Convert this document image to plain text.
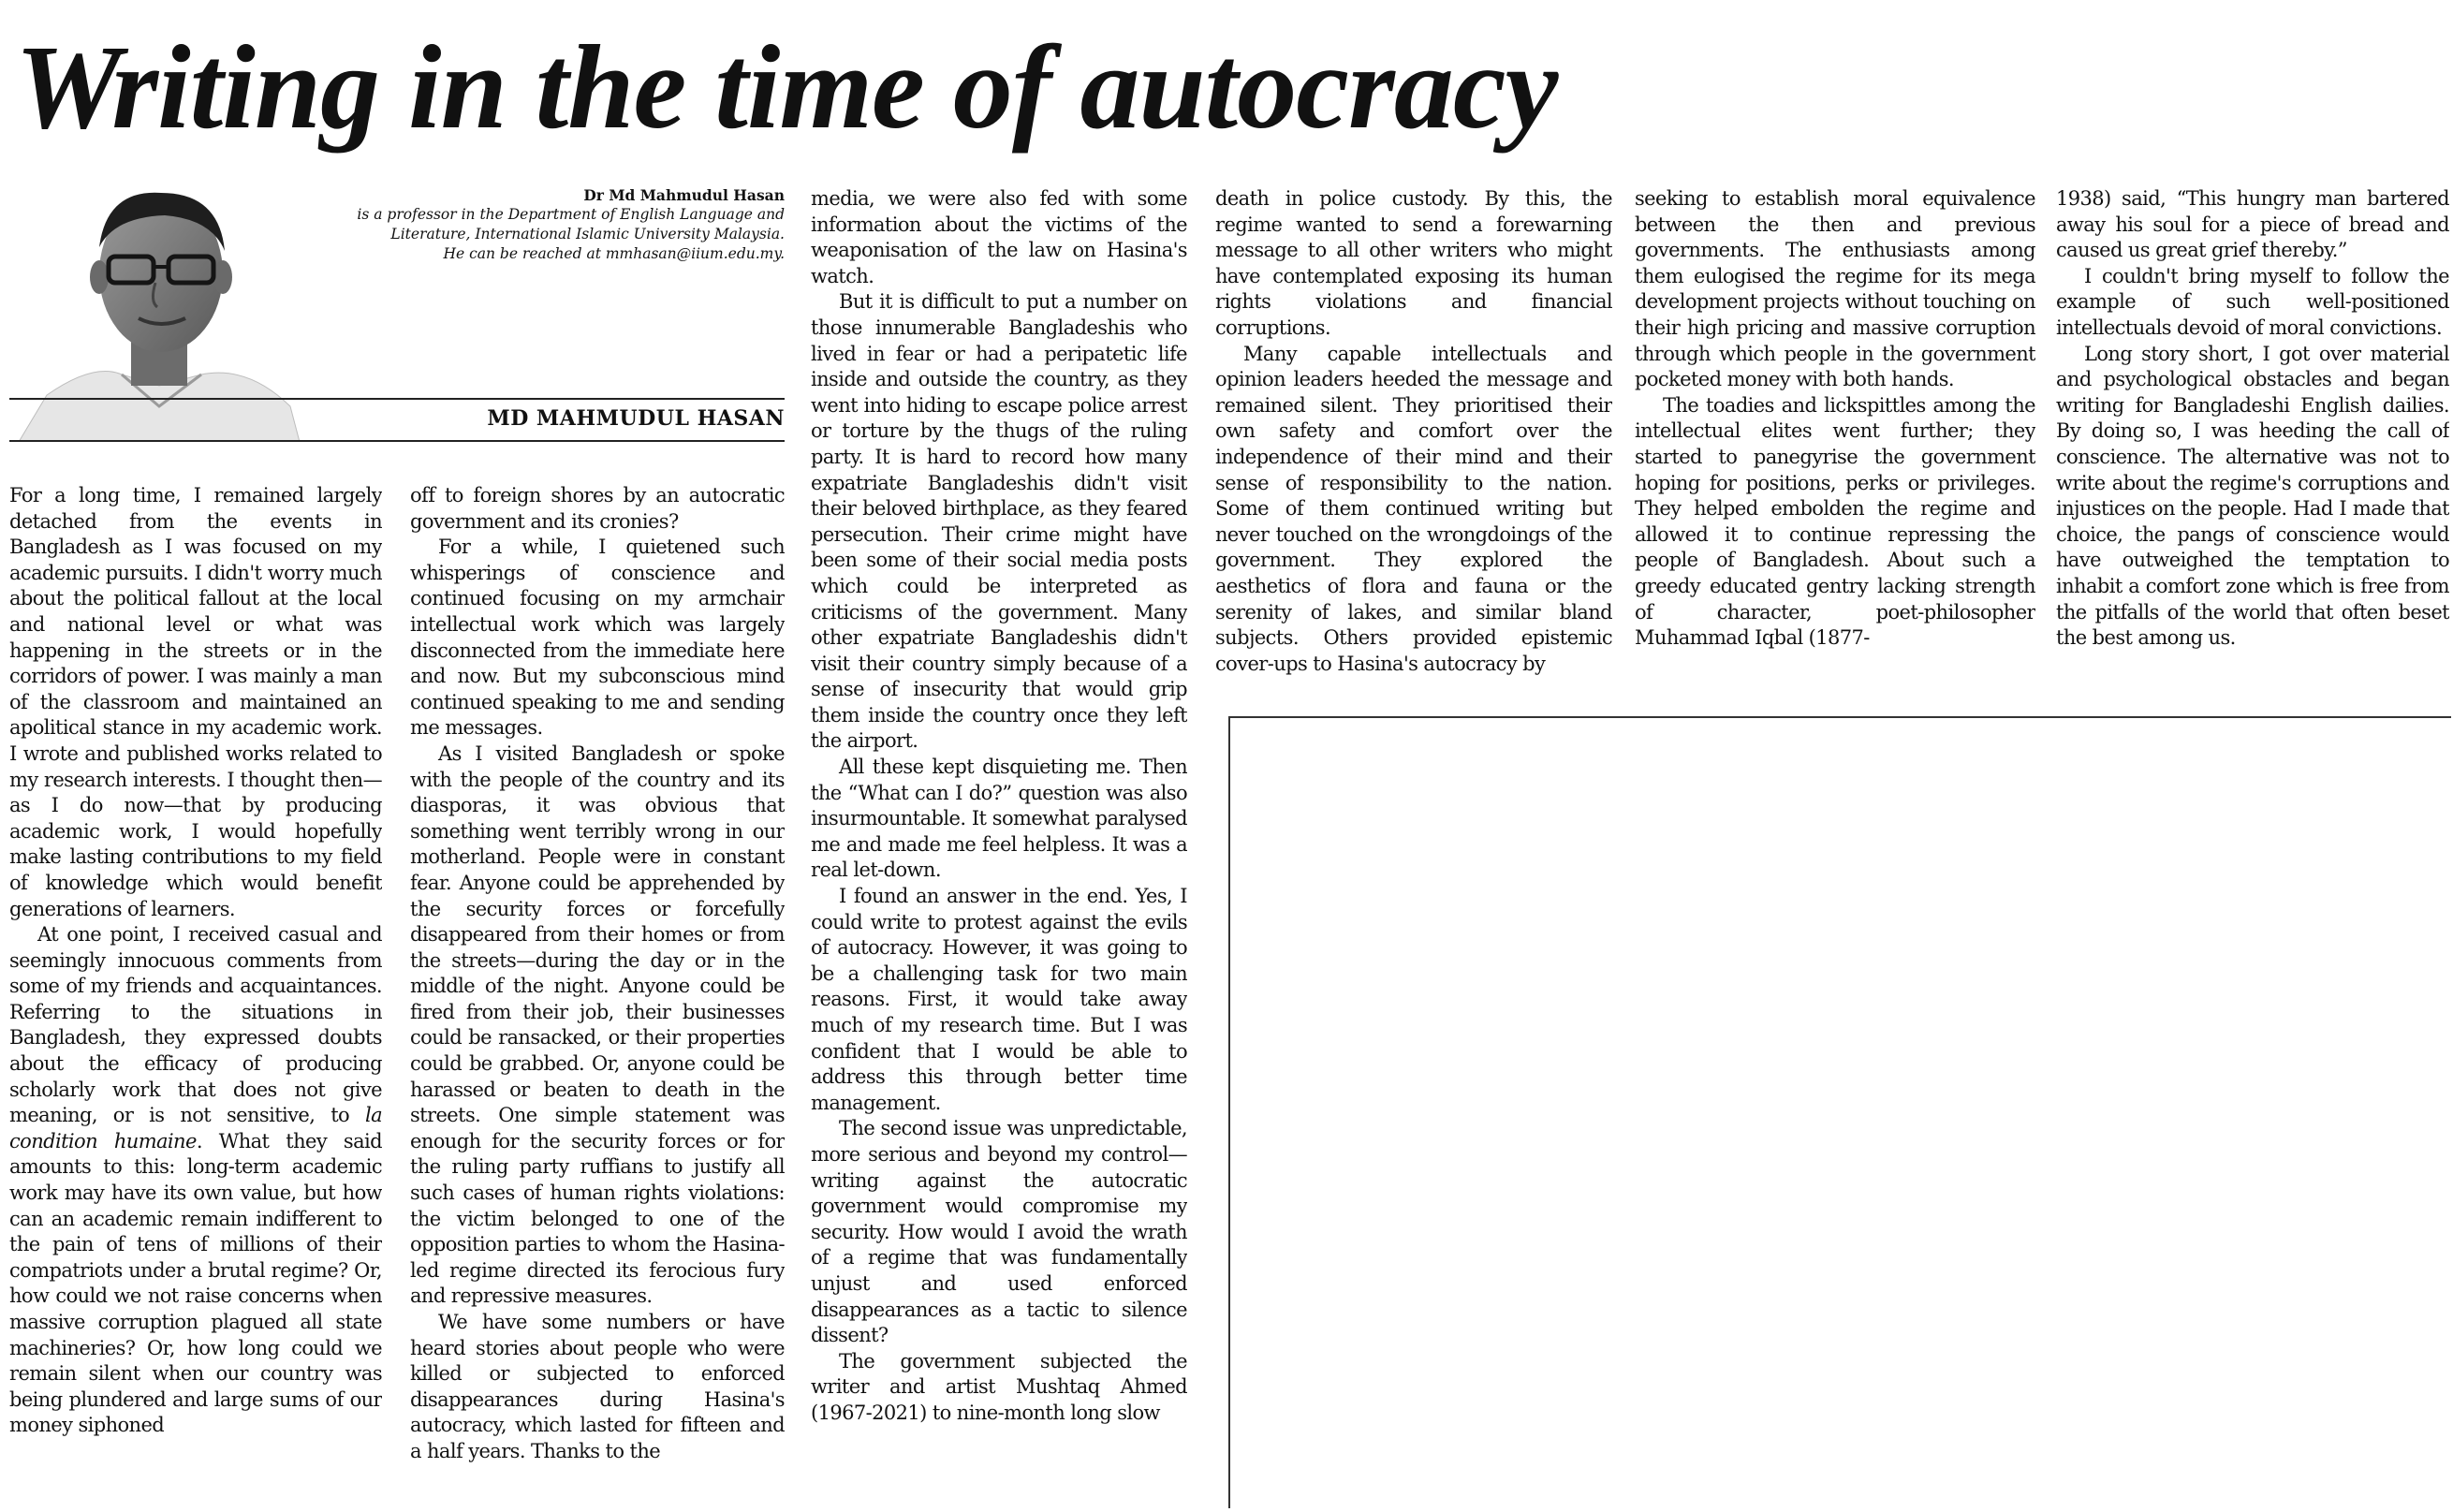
Writing in the time of autocracy
Dr Md Mahmudul Hasan
is a professor in the Department of English Language and
Literature, International Islamic University Malaysia.
He can be reached at mmhasan@iium.edu.my.
MD MAHMUDUL HASAN

For a long time, I remained largely detached from the events in Bangladesh as I was focused on my academic pursuits. I didn't worry much about the political fallout at the local and national level or what was happening in the streets or in the corridors of power. I was mainly a man of the classroom and maintained an apolitical stance in my academic work. I wrote and published works related to my research interests. I thought then—as I do now—that by producing academic work, I would hopefully make lasting contributions to my field of knowledge which would benefit generations of learners.

At one point, I received casual and seemingly innocuous comments from some of my friends and acquaintances. Referring to the situations in Bangladesh, they expressed doubts about the efficacy of producing scholarly work that does not give meaning, or is not sensitive, to la condition humaine. What they said amounts to this: long-term academic work may have its own value, but how can an academic remain indifferent to the pain of tens of millions of their compatriots under a brutal regime? Or, how could we not raise concerns when massive corruption plagued all state machineries? Or, how long could we remain silent when our country was being plundered and large sums of our money siphoned

off to foreign shores by an autocratic government and its cronies?

For a while, I quietened such whisperings of conscience and continued focusing on my armchair intellectual work which was largely disconnected from the immediate here and now. But my subconscious mind continued speaking to me and sending me messages.

As I visited Bangladesh or spoke with the people of the country and its diasporas, it was obvious that something went terribly wrong in our motherland. People were in constant fear. Anyone could be apprehended by the security forces or forcefully disappeared from their homes or from the streets—during the day or in the middle of the night. Anyone could be fired from their job, their businesses could be ransacked, or their properties could be grabbed. Or, anyone could be harassed or beaten to death in the streets. One simple statement was enough for the security forces or for the ruling party ruffians to justify all such cases of human rights violations: the victim belonged to one of the opposition parties to whom the Hasina-led regime directed its ferocious fury and repressive measures.

We have some numbers or have heard stories about people who were killed or subjected to enforced disappearances during Hasina's autocracy, which lasted for fifteen and a half years. Thanks to the

media, we were also fed with some information about the victims of the weaponisation of the law on Hasina's watch.

But it is difficult to put a number on those innumerable Bangladeshis who lived in fear or had a peripatetic life inside and outside the country, as they went into hiding to escape police arrest or torture by the thugs of the ruling party. It is hard to record how many expatriate Bangladeshis didn't visit their beloved birthplace, as they feared persecution. Their crime might have been some of their social media posts which could be interpreted as criticisms of the government. Many other expatriate Bangladeshis didn't visit their country simply because of a sense of insecurity that would grip them inside the country once they left the airport.

All these kept disquieting me. Then the “What can I do?” question was also insurmountable. It somewhat paralysed me and made me feel helpless. It was a real let-down.

I found an answer in the end. Yes, I could write to protest against the evils of autocracy. However, it was going to be a challenging task for two main reasons. First, it would take away much of my research time. But I was confident that I would be able to address this through better time management.

The second issue was unpredictable, more serious and beyond my control—writing against the autocratic government would compromise my security. How would I avoid the wrath of a regime that was fundamentally unjust and used enforced disappearances as a tactic to silence dissent?

The government subjected the writer and artist Mushtaq Ahmed (1967-2021) to nine-month long slow

death in police custody. By this, the regime wanted to send a forewarning message to all other writers who might have contemplated exposing its human rights violations and financial corruptions.

Many capable intellectuals and opinion leaders heeded the message and remained silent. They prioritised their own safety and comfort over the independence of their mind and their sense of responsibility to the nation. Some of them continued writing but never touched on the wrongdoings of the government. They explored the aesthetics of flora and fauna or the serenity of lakes, and similar bland subjects. Others provided epistemic cover-ups to Hasina's autocracy by

seeking to establish moral equivalence between the then and previous governments. The enthusiasts among them eulogised the regime for its mega development projects without touching on their high pricing and massive corruption through which people in the government pocketed money with both hands.

The toadies and lickspittles among the intellectual elites went further; they started to panegyrise the government hoping for positions, perks or privileges. They helped embolden the regime and allowed it to continue repressing the people of Bangladesh. About such a greedy educated gentry lacking strength of character, poet-philosopher Muhammad Iqbal (1877-

1938) said, “This hungry man bartered away his soul for a piece of bread and caused us great grief thereby.”

I couldn't bring myself to follow the example of such well-positioned intellectuals devoid of moral convictions.

Long story short, I got over material and psychological obstacles and began writing for Bangladeshi English dailies. By doing so, I was heeding the call of conscience. The alternative was not to write about the regime's corruptions and injustices on the people. Had I made that choice, the pangs of conscience would have outweighed the temptation to inhabit a comfort zone which is free from the pitfalls of the world that often beset the best among us.
